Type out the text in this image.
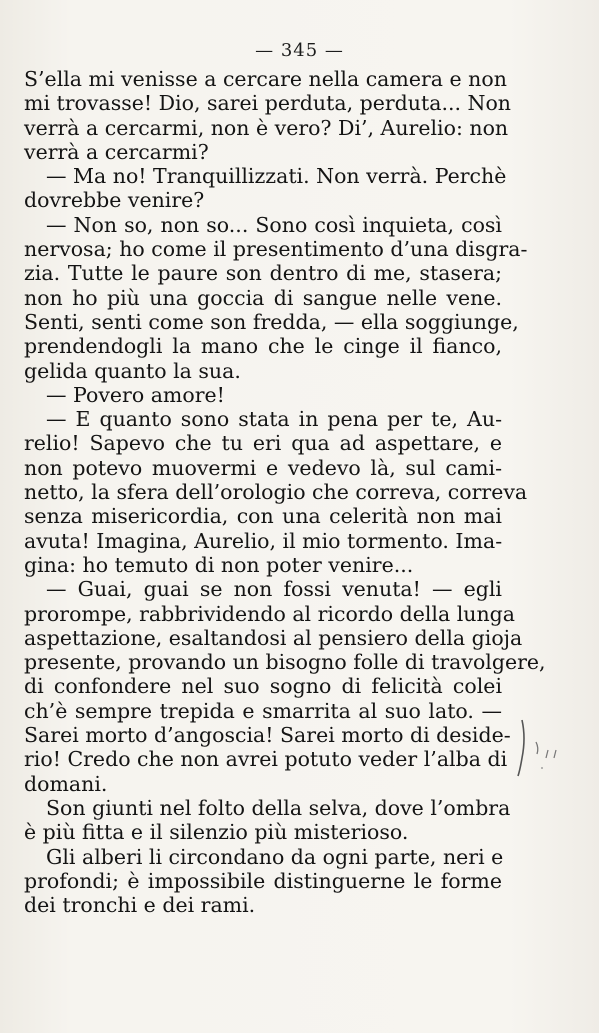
— 345 —
S’ella mi venisse a cercare nella camera e non
mi trovasse! Dio, sarei perduta, perduta... Non
verrà a cercarmi, non è vero? Di’, Aurelio: non
verrà a cercarmi?
— Ma no! Tranquillizzati. Non verrà. Perchè
dovrebbe venire?
— Non so, non so... Sono così inquieta, così
nervosa; ho come il presentimento d’una disgra-
zia. Tutte le paure son dentro di me, stasera;
non ho più una goccia di sangue nelle vene.
Senti, senti come son fredda, — ella soggiunge,
prendendogli la mano che le cinge il fianco,
gelida quanto la sua.
— Povero amore!
— E quanto sono stata in pena per te, Au-
relio! Sapevo che tu eri qua ad aspettare, e
non potevo muovermi e vedevo là, sul cami-
netto, la sfera dell’orologio che correva, correva
senza misericordia, con una celerità non mai
avuta! Imagina, Aurelio, il mio tormento. Ima-
gina: ho temuto di non poter venire...
— Guai, guai se non fossi venuta! — egli
prorompe, rabbrividendo al ricordo della lunga
aspettazione, esaltandosi al pensiero della gioja
presente, provando un bisogno folle di travolgere,
di confondere nel suo sogno di felicità colei
ch’è sempre trepida e smarrita al suo lato. —
Sarei morto d’angoscia! Sarei morto di deside-
rio! Credo che non avrei potuto veder l’alba di
domani.
Son giunti nel folto della selva, dove l’ombra
è più fitta e il silenzio più misterioso.
Gli alberi li circondano da ogni parte, neri e
profondi; è impossibile distinguerne le forme
dei tronchi e dei rami.
